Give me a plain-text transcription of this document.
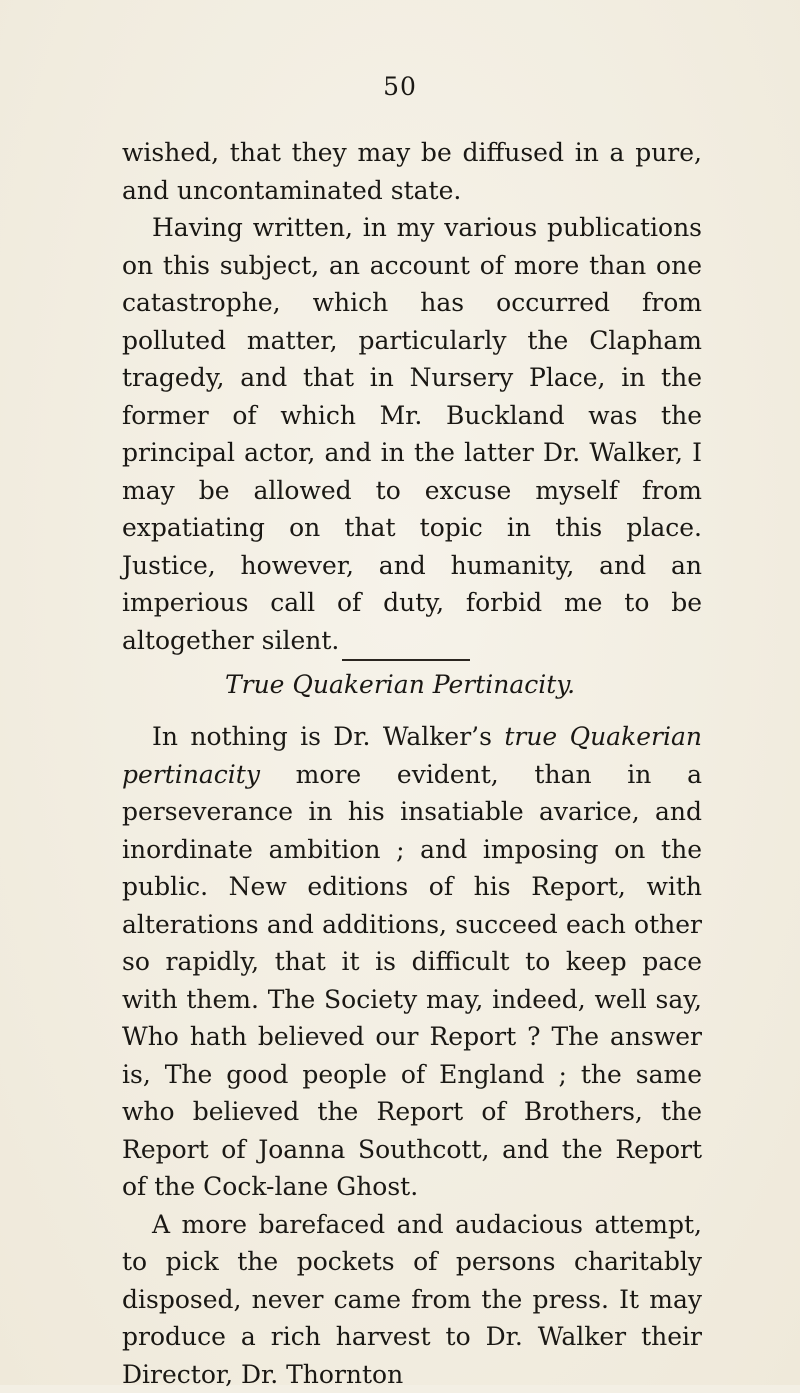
50

wished, that they may be diffused in a pure, and uncontaminated state.

Having written, in my various publications on this subject, an account of more than one catastrophe, which has occurred from polluted matter, particularly the Clapham tragedy, and that in Nursery Place, in the former of which Mr. Buckland was the principal actor, and in the latter Dr. Walker, I may be allowed to excuse myself from expatiating on that topic in this place. Justice, however, and humanity, and an imperious call of duty, forbid me to be altogether silent.

True Quakerian Pertinacity.

In nothing is Dr. Walker’s true Quakerian pertinacity more evident, than in a perseverance in his insatiable avarice, and inordinate ambition ; and imposing on the public. New editions of his Report, with alterations and additions, succeed each other so rapidly, that it is difficult to keep pace with them. The Society may, indeed, well say, Who hath believed our Report ? The answer is, The good people of England ; the same who believed the Report of Brothers, the Report of Joanna Southcott, and the Report of the Cock-lane Ghost.

A more barefaced and audacious attempt, to pick the pockets of persons charitably disposed, never came from the press. It may produce a rich harvest to Dr. Walker their Director, Dr. Thornton
